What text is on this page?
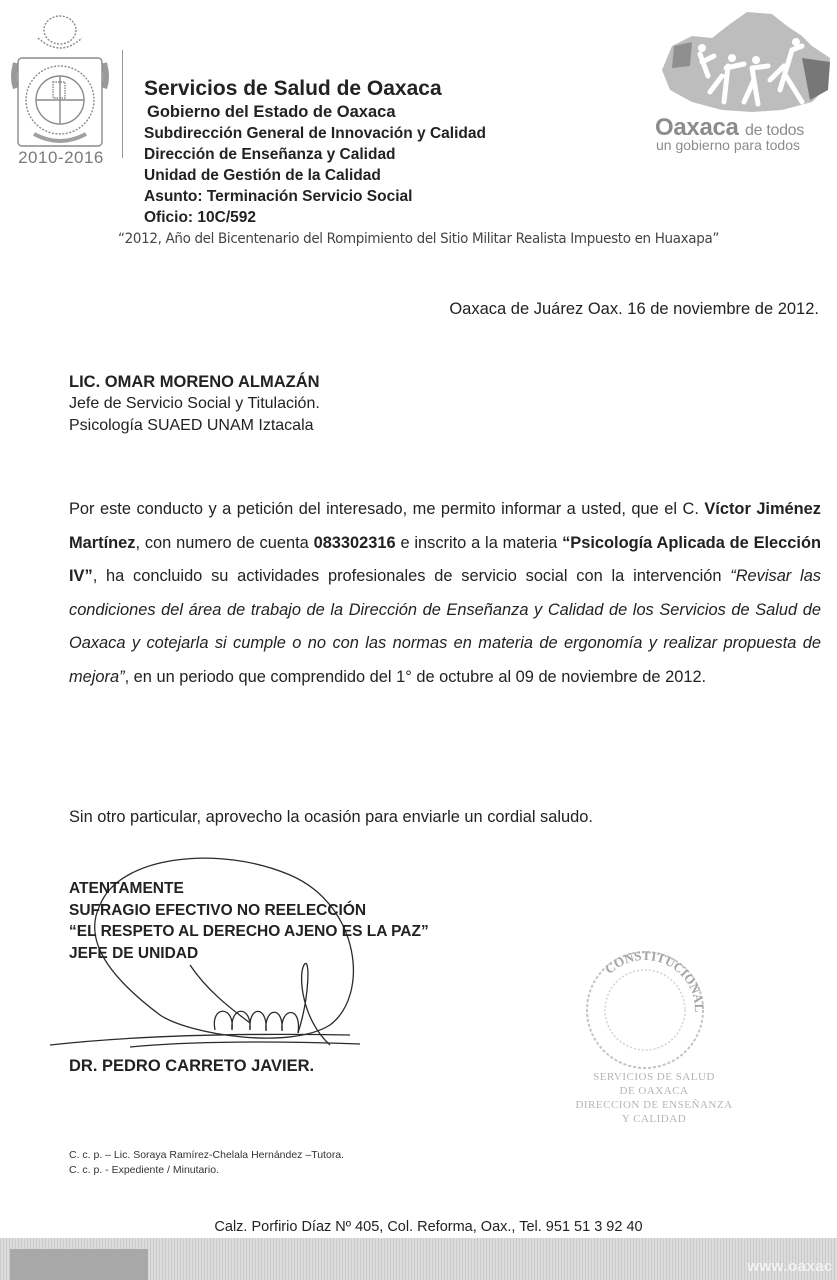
2010-2016
Servicios de Salud de Oaxaca
Gobierno del Estado de Oaxaca
Subdirección General de Innovación y Calidad
Dirección de Enseñanza y Calidad
Unidad de Gestión de la Calidad
Asunto: Terminación Servicio Social
Oficio: 10C/592
“2012, Año del Bicentenario del Rompimiento del Sitio Militar Realista Impuesto en Huaxapa”
Oaxaca de todos
un gobierno para todos
Oaxaca de Juárez Oax. 16 de noviembre de 2012.
LIC. OMAR MORENO ALMAZÁN
Jefe de Servicio Social y Titulación.
Psicología SUAED UNAM Iztacala
Por este conducto y a petición del interesado, me permito informar a usted, que el C. Víctor Jiménez Martínez, con numero de cuenta 083302316 e inscrito a la materia “Psicología Aplicada de Elección IV”, ha concluido su actividades profesionales de servicio social con la intervención “Revisar las condiciones del área de trabajo de la Dirección de Enseñanza y Calidad de los Servicios de Salud de Oaxaca y cotejarla si cumple o no con las normas en materia de ergonomía y realizar propuesta de mejora”, en un periodo que comprendido del 1° de octubre al 09 de noviembre de 2012.
Sin otro particular, aprovecho la ocasión para enviarle un cordial saludo.
ATENTAMENTE
SUFRAGIO EFECTIVO NO REELECCIÓN
“EL RESPETO AL DERECHO AJENO ES LA PAZ”
JEFE DE UNIDAD
DR. PEDRO CARRETO JAVIER.
CONSTITUCIONAL
SERVICIOS DE SALUD
DE OAXACA
DIRECCION DE ENSEÑANZA
Y CALIDAD
C. c. p. – Lic. Soraya Ramírez-Chelala Hernández –Tutora.
C. c. p. - Expediente / Minutario.
Calz. Porfirio Díaz Nº 405, Col. Reforma, Oax., Tel. 951 51 3 92 40
www.oaxac
